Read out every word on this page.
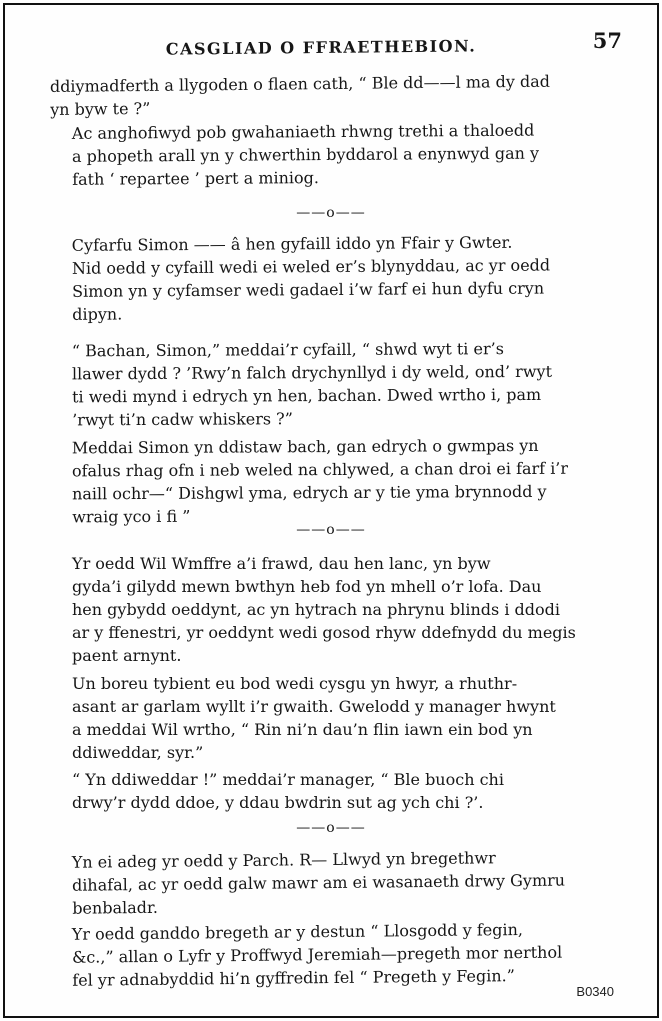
CASGLIAD O FFRAETHEBION.	57

ddiymadferth a llygoden o flaen cath, “ Ble dd——l ma dy dad
yn byw te ?”

Ac anghofiwyd pob gwahaniaeth rhwng trethi a thaloedd
a phopeth arall yn y chwerthin byddarol a enynwyd gan y
fath ‘ repartee ’ pert a miniog.

——o——

Cyfarfu Simon —— â hen gyfaill iddo yn Ffair y Gwter.
Nid oedd y cyfaill wedi ei weled er’s blynyddau, ac yr oedd
Simon yn y cyfamser wedi gadael i’w farf ei hun dyfu cryn
dipyn.

“ Bachan, Simon,” meddai’r cyfaill, “ shwd wyt ti er’s
llawer dydd ? ’Rwy’n falch drychynllyd i dy weld, ond’ rwyt
ti wedi mynd i edrych yn hen, bachan. Dwed wrtho i, pam
’rwyt ti’n cadw whiskers ?”

Meddai Simon yn ddistaw bach, gan edrych o gwmpas yn
ofalus rhag ofn i neb weled na chlywed, a chan droi ei farf i’r
naill ochr—“ Dishgwl yma, edrych ar y tie yma brynnodd y
wraig yco i fi ”

——o——

Yr oedd Wil Wmffre a’i frawd, dau hen lanc, yn byw
gyda’i gilydd mewn bwthyn heb fod yn mhell o’r lofa. Dau
hen gybydd oeddynt, ac yn hytrach na phrynu blinds i ddodi
ar y ffenestri, yr oeddynt wedi gosod rhyw ddefnydd du megis
paent arnynt.

Un boreu tybient eu bod wedi cysgu yn hwyr, a rhuthr-
asant ar garlam wyllt i’r gwaith. Gwelodd y manager hwynt
a meddai Wil wrtho, “ Rin ni’n dau’n flin iawn ein bod yn
ddiweddar, syr.”

“ Yn ddiweddar !” meddai’r manager, “ Ble buoch chi
drwy’r dydd ddoe, y ddau bwdrin sut ag ych chi ?’.

——o——

Yn ei adeg yr oedd y Parch. R— Llwyd yn bregethwr
dihafal, ac yr oedd galw mawr am ei wasanaeth drwy Gymru
benbaladr.

Yr oedd ganddo bregeth ar y destun “ Llosgodd y fegin,
&c.,” allan o Lyfr y Proffwyd Jeremiah—pregeth mor nerthol
fel yr adnabyddid hi’n gyffredin fel “ Pregeth y Fegin.”

B0340
